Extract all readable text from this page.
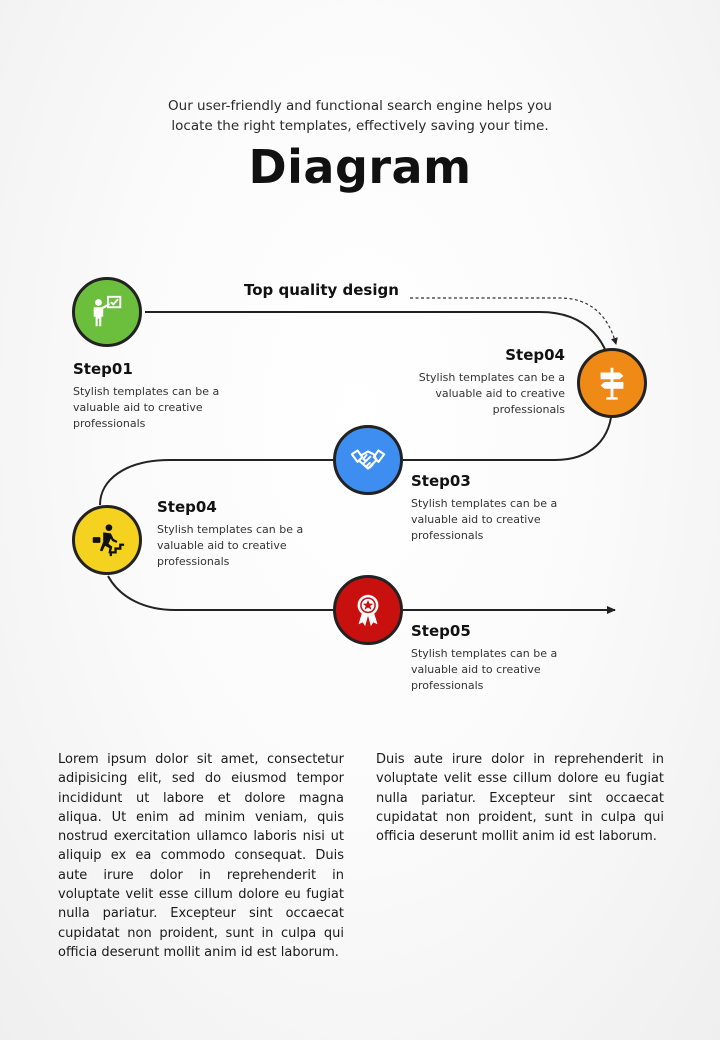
Our user-friendly and functional search engine helps you locate the right templates, effectively saving your time.
Diagram
Top quality design
Step01
Stylish templates can be a valuable aid to creative professionals
Step04
Stylish templates can be a valuable aid to creative professionals
Step03
Stylish templates can be a valuable aid to creative professionals
Step04
Stylish templates can be a valuable aid to creative professionals
Step05
Stylish templates can be a valuable aid to creative professionals
Lorem ipsum dolor sit amet, consectetur adipisicing elit, sed do eiusmod tempor incididunt ut labore et dolore magna aliqua. Ut enim ad minim veniam, quis nostrud exercitation ullamco laboris nisi ut aliquip ex ea commodo consequat. Duis aute irure dolor in reprehenderit in voluptate velit esse cillum dolore eu fugiat nulla pariatur. Excepteur sint occaecat cupidatat non proident, sunt in culpa qui officia deserunt mollit anim id est laborum.
Duis aute irure dolor in reprehenderit in voluptate velit esse cillum dolore eu fugiat nulla pariatur. Excepteur sint occaecat cupidatat non proident, sunt in culpa qui officia deserunt mollit anim id est laborum.
